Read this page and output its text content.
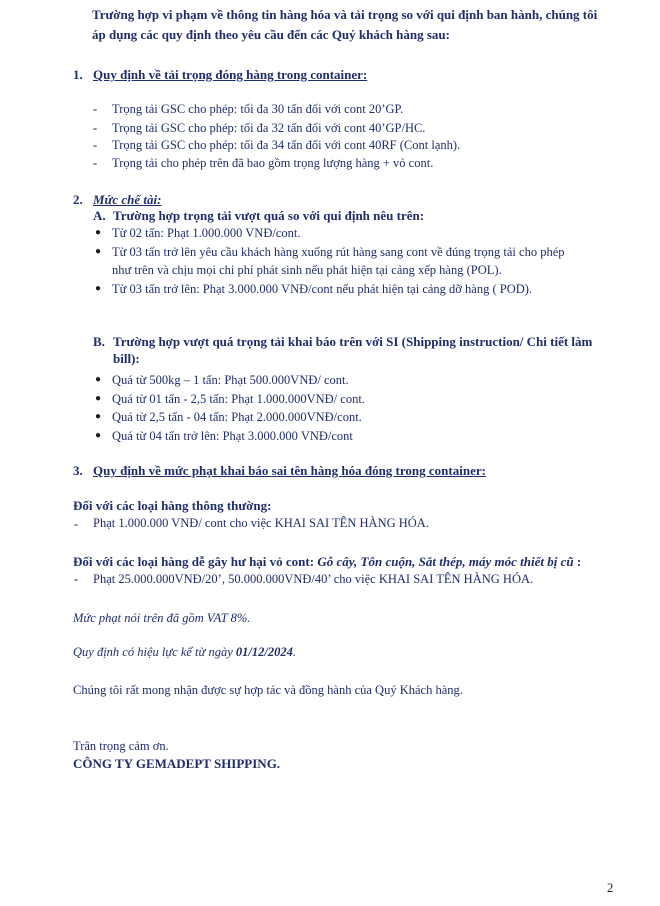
Trường hợp vi phạm về thông tin hàng hóa và tải trọng so với qui định ban hành, chúng tôi
áp dụng các quy định theo yêu cầu đến các Quý khách hàng sau:
1. Quy định về tải trọng đóng hàng trong container:
- Trọng tải GSC cho phép: tối đa 30 tấn đối với cont 20’GP.
- Trọng tải GSC cho phép: tối đa 32 tấn đối với cont 40’GP/HC.
- Trọng tải GSC cho phép: tối đa 34 tấn đối với cont 40RF (Cont lạnh).
- Trọng tải cho phép trên đã bao gồm trọng lượng hàng + vỏ cont.
2. Mức chế tài:
A. Trường hợp trọng tải vượt quá so với qui định nêu trên:
● Từ 02 tấn: Phạt 1.000.000 VNĐ/cont.
● Từ 03 tấn trở lên yêu cầu khách hàng xuống rút hàng sang cont về đúng trọng tải cho phép
như trên và chịu mọi chi phí phát sinh nếu phát hiện tại cảng xếp hàng (POL).
● Từ 03 tấn trở lên: Phạt 3.000.000 VNĐ/cont nếu phát hiện tại cảng dỡ hàng ( POD).
B. Trường hợp vượt quá trọng tải khai báo trên với SI (Shipping instruction/ Chi tiết làm
bill):
● Quá từ 500kg – 1 tấn: Phạt 500.000VNĐ/ cont.
● Quá từ 01 tấn - 2,5 tấn: Phạt 1.000.000VNĐ/ cont.
● Quá từ 2,5 tấn - 04 tấn: Phạt 2.000.000VNĐ/cont.
● Quá từ 04 tấn trở lên: Phạt 3.000.000 VNĐ/cont
3. Quy định về mức phạt khai báo sai tên hàng hóa đóng trong container:
Đối với các loại hàng thông thường:
- Phạt 1.000.000 VNĐ/ cont cho việc KHAI SAI TÊN HÀNG HÓA.
Đối với các loại hàng dễ gây hư hại vỏ cont: Gỗ cây, Tôn cuộn, Sắt thép, máy móc thiết bị cũ :
- Phạt 25.000.000VNĐ/20’, 50.000.000VNĐ/40’ cho việc KHAI SAI TÊN HÀNG HÓA.
Mức phạt nói trên đã gồm VAT 8%.
Quy định có hiệu lực kể từ ngày 01/12/2024.
Chúng tôi rất mong nhận được sự hợp tác và đồng hành của Quý Khách hàng.
Trân trọng cảm ơn.
CÔNG TY GEMADEPT SHIPPING.
2
